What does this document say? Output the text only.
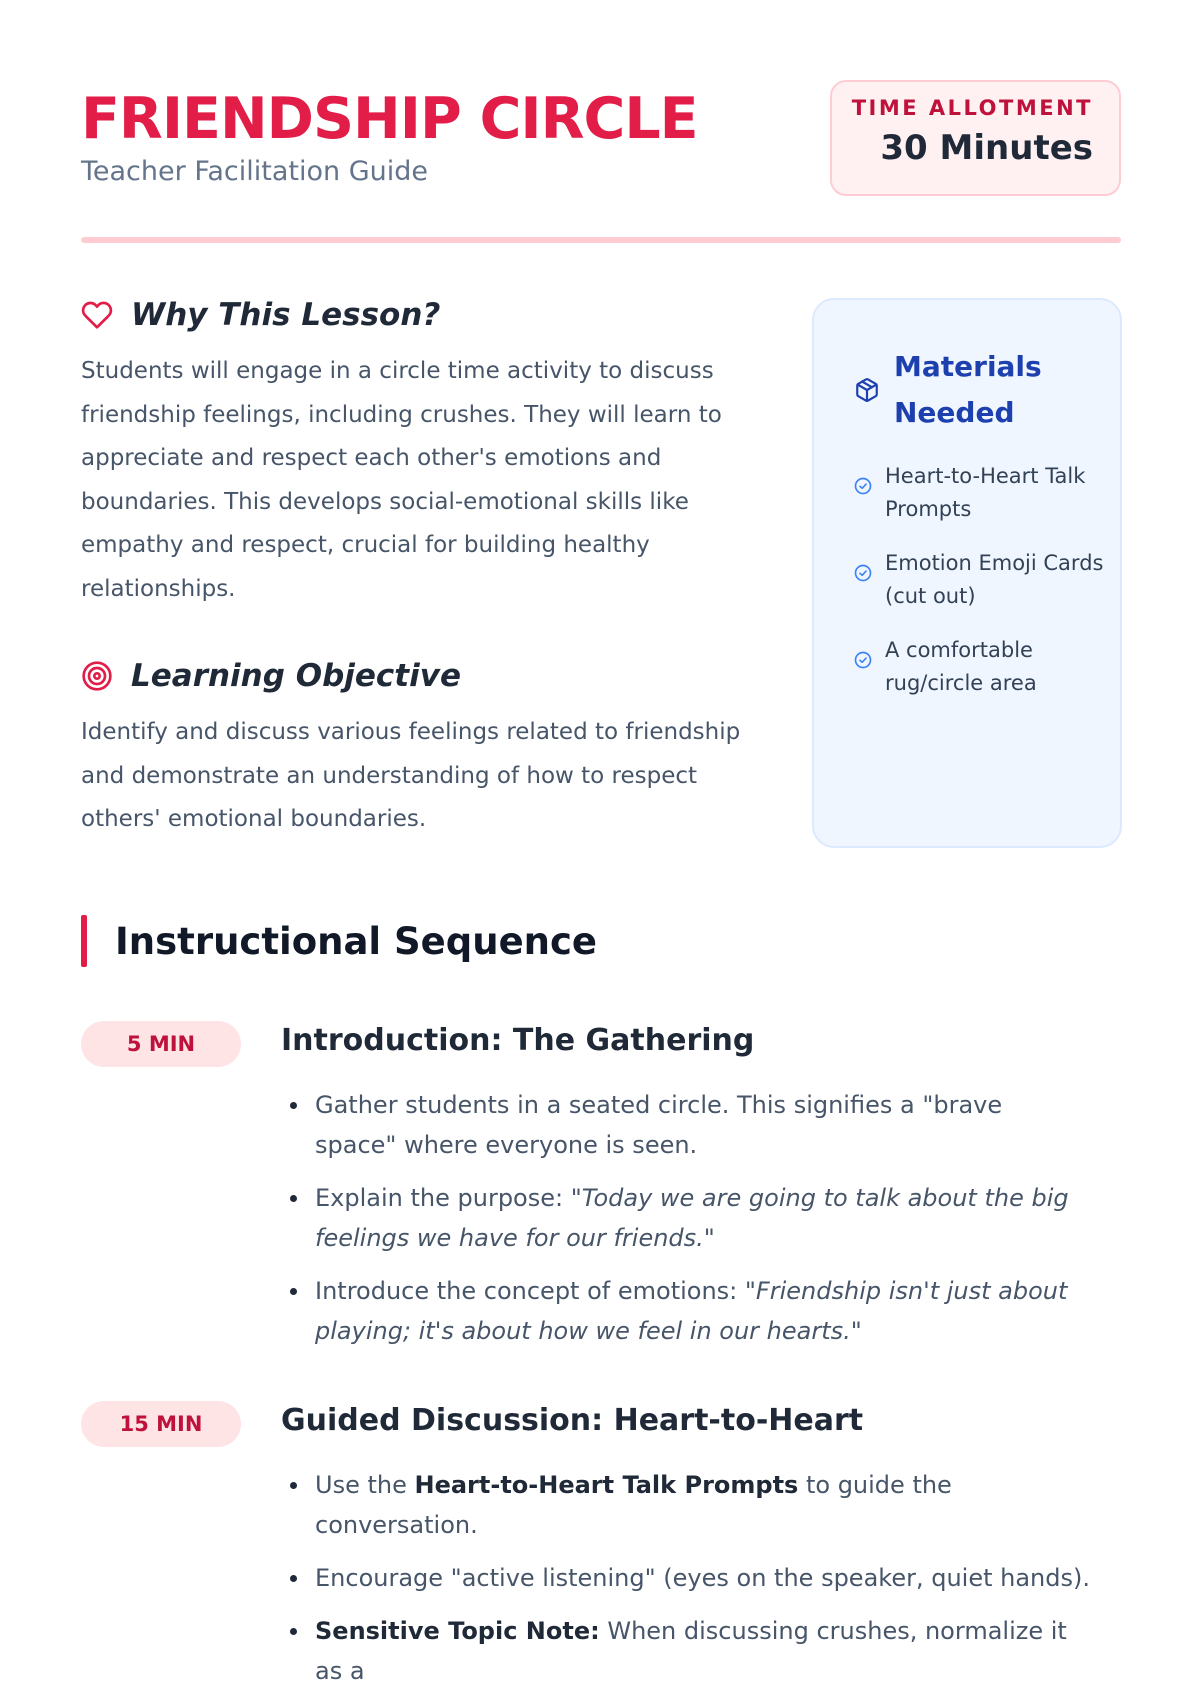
FRIENDSHIP CIRCLE
Teacher Facilitation Guide
TIME ALLOTMENT
30 Minutes
Why This Lesson?

Students will engage in a circle time activity to discuss friendship feelings, including crushes. They will learn to appreciate and respect each other's emotions and boundaries. This develops social-emotional skills like empathy and respect, crucial for building healthy relationships.

Learning Objective

Identify and discuss various feelings related to friendship and demonstrate an understanding of how to respect others' emotional boundaries.

Materials Needed
Heart-to-Heart Talk Prompts
Emotion Emoji Cards (cut out)
A comfortable rug/circle area
Instructional Sequence
5 MIN	Introduction: The Gathering
Gather students in a seated circle. This signifies a "brave space" where everyone is seen.
Explain the purpose: "Today we are going to talk about the big feelings we have for our friends."
Introduce the concept of emotions: "Friendship isn't just about playing; it's about how we feel in our hearts."
15 MIN	Guided Discussion: Heart-to-Heart
Use the Heart-to-Heart Talk Prompts to guide the conversation.
Encourage "active listening" (eyes on the speaker, quiet hands).
Sensitive Topic Note: When discussing crushes, normalize it as a
